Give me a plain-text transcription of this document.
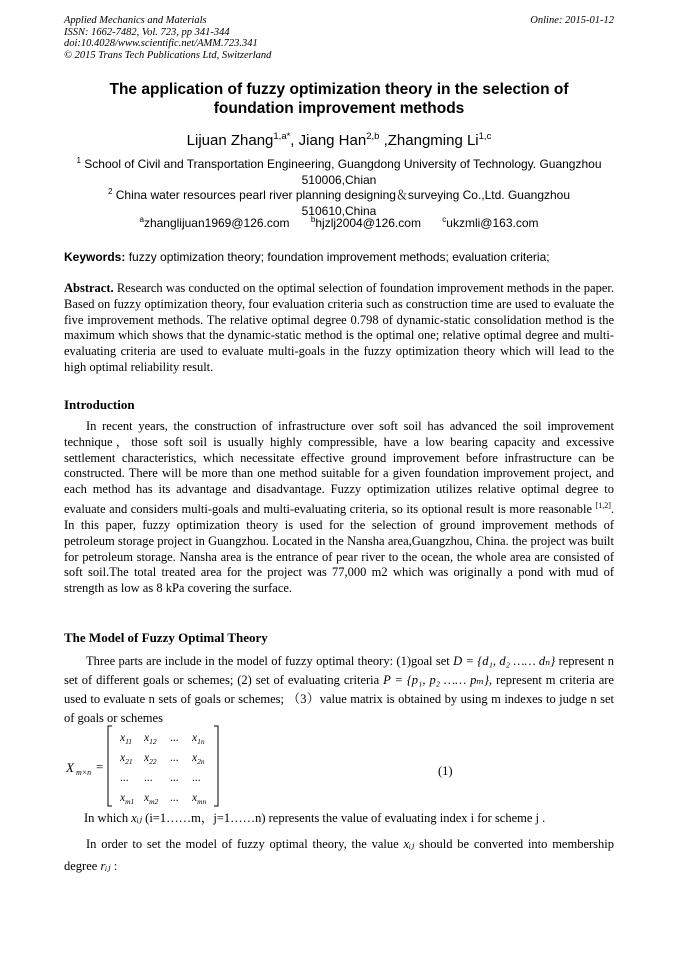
Applied Mechanics and Materials
ISSN: 1662-7482, Vol. 723, pp 341-344
doi:10.4028/www.scientific.net/AMM.723.341
© 2015 Trans Tech Publications Ltd, Switzerland
Online: 2015-01-12
The application of fuzzy optimization theory in the selection of
foundation improvement methods
Lijuan Zhang$^{1,a*}$, Jiang Han$^{2,b}$ ,Zhangming Li$^{1,c}$
$^1$ School of Civil and Transportation Engineering, Guangdong University of Technology. Guangzhou
510006,Chian
$^2$ China water resources pearl river planning designing＆surveying Co.,Ltd. Guangzhou
510610,China
$^a$zhanglijuan1969@126.com	$^b$hjzlj2004@126.com	$^c$ukzmli@163.com
Keywords: fuzzy optimization theory; foundation improvement methods; evaluation criteria;
Abstract. Research was conducted on the optimal selection of foundation improvement methods in the paper. Based on fuzzy optimization theory, four evaluation criteria such as construction time are used to evaluate the five improvement methods. The relative optimal degree 0.798 of dynamic-static consolidation method is the maximum which shows that the dynamic-static method is the optimal one; relative optimal degree and multi-evaluating criteria are used to evaluate multi-goals in the fuzzy optimization theory which will lead to the high optimal reliability result.
Introduction
In recent years, the construction of infrastructure over soft soil has advanced the soil improvement technique，those soft soil is usually highly compressible, have a low bearing capacity and excessive settlement characteristics, which necessitate effective ground improvement before infrastructure can be constructed. There will be more than one method suitable for a given foundation improvement project, and each method has its advantage and disadvantage. Fuzzy optimization utilizes relative optimal degree to evaluate and considers multi-goals and multi-evaluating criteria, so its optional result is more reasonable [1,2]. In this paper, fuzzy optimization theory is used for the selection of ground improvement methods of petroleum storage project in Guangzhou. Located in the Nansha area,Guangzhou, China. the project was built for petroleum storage. Nansha area is the entrance of pear river to the ocean, the whole area are consisted of soft soil.The total treated area for the project was 77,000 m2 which was originally a pond with mud of strength as low as 8 kPa covering the surface.
The Model of Fuzzy Optimal Theory
Three parts are include in the model of fuzzy optimal theory: (1)goal set D = {d₁, d₂ …… dₙ} represent n set of different goals or schemes; (2) set of evaluating criteria P = {p₁, p₂ …… pₘ}, represent m criteria are used to evaluate n sets of goals or schemes; （3）value matrix is obtained by using m indexes to judge n set of goals or schemes
X m×n =
$x_{11}$ $x_{12}$ ... $x_{1n}$
$x_{21}$ $x_{22}$ ... $x_{2n}$
... ... ... ...
$x_{m1}$ $x_{m2}$ ... $x_{mn}$
(1)
In which xᵢⱼ (i=1……m，j=1……n) represents the value of evaluating index i for scheme j .
In order to set the model of fuzzy optimal theory, the value xᵢⱼ should be converted into membership degree rᵢⱼ :
